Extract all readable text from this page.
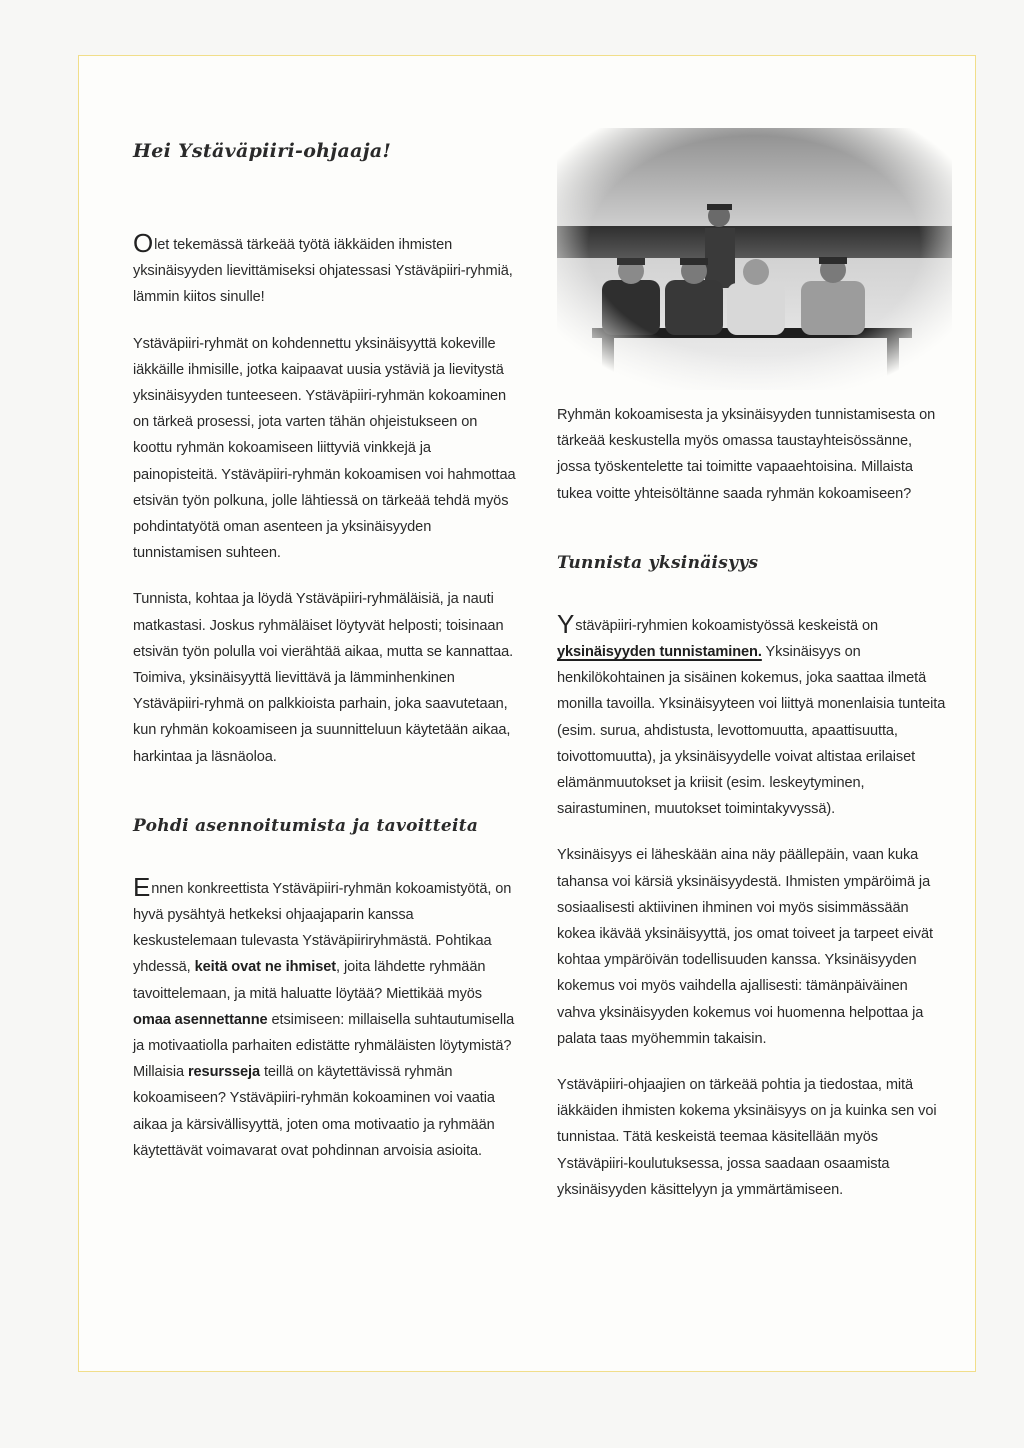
Hei Ystäväpiiri-ohjaaja!

Olet tekemässä tärkeää työtä iäkkäiden ihmisten yksinäisyyden lievittämiseksi ohjatessasi Ystäväpiiri-ryhmiä, lämmin kiitos sinulle!

Ystäväpiiri-ryhmät on kohdennettu yksinäisyyttä kokeville iäkkäille ihmisille, jotka kaipaavat uusia ystäviä ja lievitystä yksinäisyyden tunteeseen. Ystäväpiiri-ryhmän kokoaminen on tärkeä prosessi, jota varten tähän ohjeistukseen on koottu ryhmän kokoamiseen liittyviä vinkkejä ja painopisteitä. Ystäväpiiri-ryhmän kokoamisen voi hahmottaa etsivän työn polkuna, jolle lähtiessä on tärkeää tehdä myös pohdintatyötä oman asenteen ja yksinäisyyden tunnistamisen suhteen.

Tunnista, kohtaa ja löydä Ystäväpiiri-ryhmäläisiä, ja nauti matkastasi. Joskus ryhmäläiset löytyvät helposti; toisinaan etsivän työn polulla voi vierähtää aikaa, mutta se kannattaa. Toimiva, yksinäisyyttä lievittävä ja lämminhenkinen Ystäväpiiri-ryhmä on palkkioista parhain, joka saavutetaan, kun ryhmän kokoamiseen ja suunnitteluun käytetään aikaa, harkintaa ja läsnäoloa.

Pohdi asennoitumista ja tavoitteita

Ennen konkreettista Ystäväpiiri-ryhmän kokoamistyötä, on hyvä pysähtyä hetkeksi ohjaajaparin kanssa keskustelemaan tulevasta Ystäväpiiriryhmästä. Pohtikaa yhdessä, keitä ovat ne ihmiset, joita lähdette ryhmään tavoittelemaan, ja mitä haluatte löytää? Miettikää myös omaa asennettanne etsimiseen: millaisella suhtautumisella ja motivaatiolla parhaiten edistätte ryhmäläisten löytymistä? Millaisia resursseja teillä on käytettävissä ryhmän kokoamiseen? Ystäväpiiri-ryhmän kokoaminen voi vaatia aikaa ja kärsivällisyyttä, joten oma motivaatio ja ryhmään käytettävät voimavarat ovat pohdinnan arvoisia asioita.

Ryhmän kokoamisesta ja yksinäisyyden tunnistamisesta on tärkeää keskustella myös omassa taustayhteisössänne, jossa työskentelette tai toimitte vapaaehtoisina. Millaista tukea voitte yhteisöltänne saada ryhmän kokoamiseen?

Tunnista yksinäisyys

Ystäväpiiri-ryhmien kokoamistyössä keskeistä on yksinäisyyden tunnistaminen. Yksinäisyys on henkilökohtainen ja sisäinen kokemus, joka saattaa ilmetä monilla tavoilla. Yksinäisyyteen voi liittyä monenlaisia tunteita (esim. surua, ahdistusta, levottomuutta, apaattisuutta, toivottomuutta), ja yksinäisyydelle voivat altistaa erilaiset elämänmuutokset ja kriisit (esim. leskeytyminen, sairastuminen, muutokset toimintakyvyssä).

Yksinäisyys ei läheskään aina näy päällepäin, vaan kuka tahansa voi kärsiä yksinäisyydestä. Ihmisten ympäröimä ja sosiaalisesti aktiivinen ihminen voi myös sisimmässään kokea ikävää yksinäisyyttä, jos omat toiveet ja tarpeet eivät kohtaa ympäröivän todellisuuden kanssa. Yksinäisyyden kokemus voi myös vaihdella ajallisesti: tämänpäiväinen vahva yksinäisyyden kokemus voi huomenna helpottaa ja palata taas myöhemmin takaisin.

Ystäväpiiri-ohjaajien on tärkeää pohtia ja tiedostaa, mitä iäkkäiden ihmisten kokema yksinäisyys on ja kuinka sen voi tunnistaa. Tätä keskeistä teemaa käsitellään myös Ystäväpiiri-koulutuksessa, jossa saadaan osaamista yksinäisyyden käsittelyyn ja ymmärtämiseen.
